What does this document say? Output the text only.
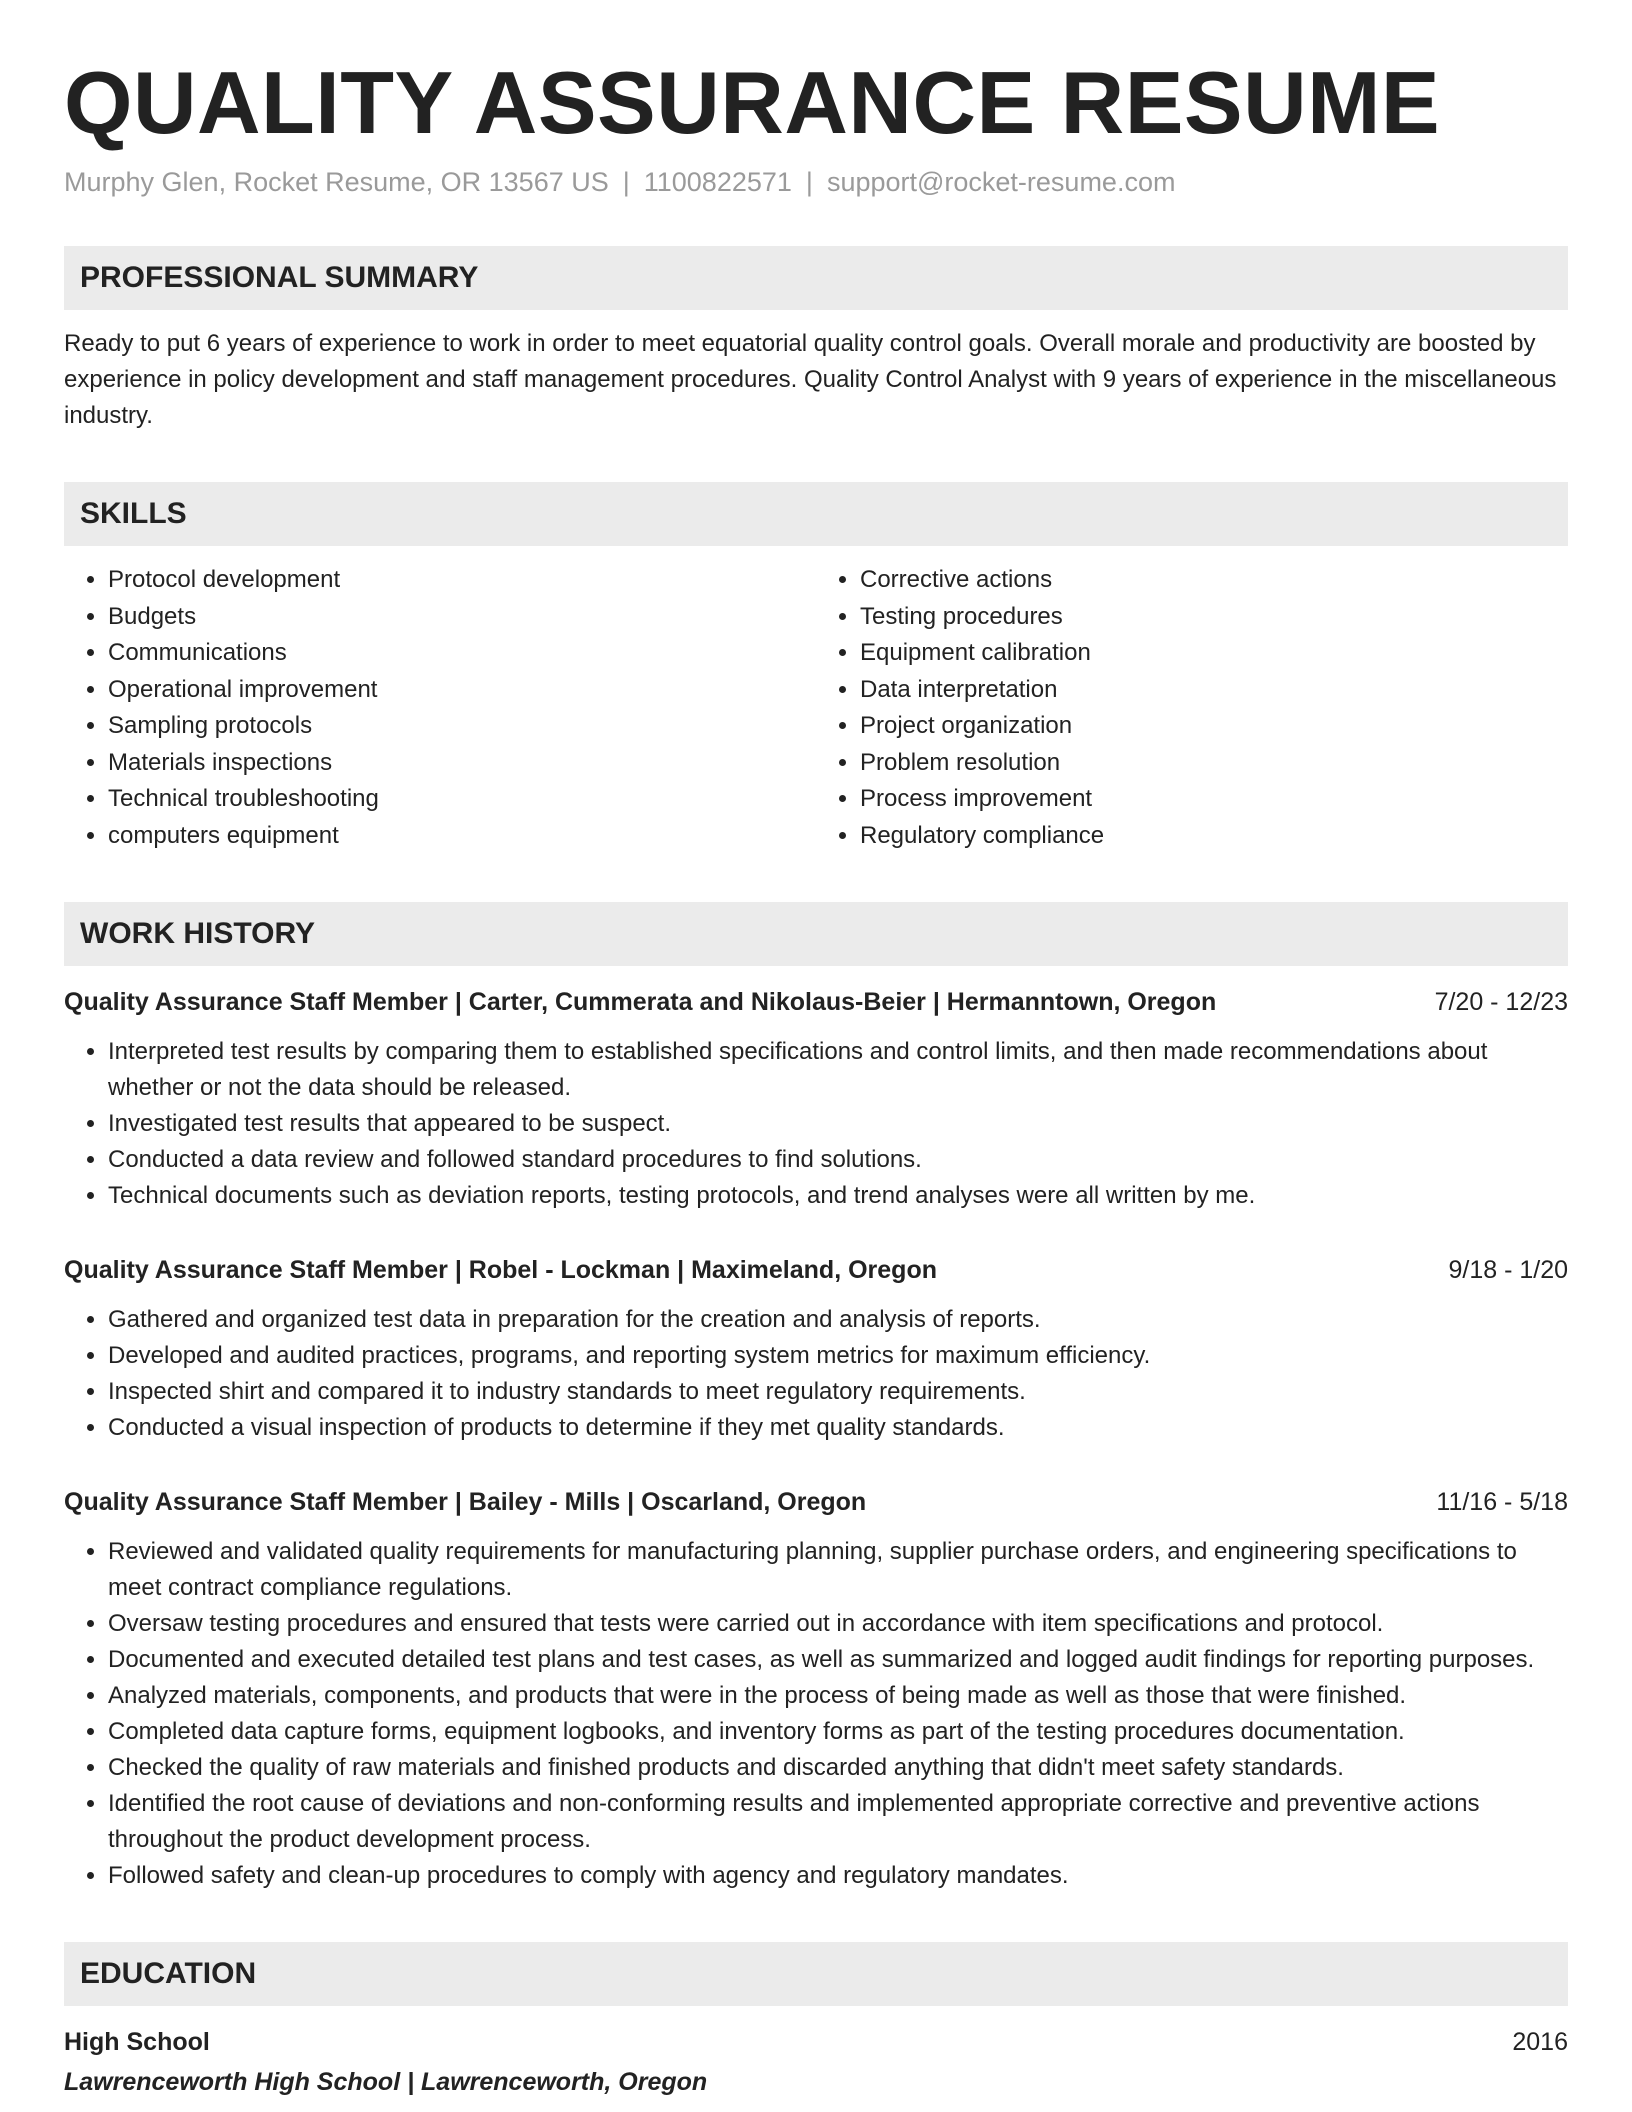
QUALITY ASSURANCE RESUME
Murphy Glen, Rocket Resume, OR 13567 US | 1100822571 | support@rocket-resume.com
PROFESSIONAL SUMMARY

Ready to put 6 years of experience to work in order to meet equatorial quality control goals. Overall morale and productivity are boosted by experience in policy development and staff management procedures. Quality Control Analyst with 9 years of experience in the miscellaneous industry.

SKILLS
• Protocol development
• Budgets
• Communications
• Operational improvement
• Sampling protocols
• Materials inspections
• Technical troubleshooting
• computers equipment
• Corrective actions
• Testing procedures
• Equipment calibration
• Data interpretation
• Project organization
• Problem resolution
• Process improvement
• Regulatory compliance
WORK HISTORY
Quality Assurance Staff Member | Carter, Cummerata and Nikolaus-Beier | Hermanntown, Oregon	7/20 - 12/23
• Interpreted test results by comparing them to established specifications and control limits, and then made recommendations about whether or not the data should be released.
• Investigated test results that appeared to be suspect.
• Conducted a data review and followed standard procedures to find solutions.
• Technical documents such as deviation reports, testing protocols, and trend analyses were all written by me.
Quality Assurance Staff Member | Robel - Lockman | Maximeland, Oregon	9/18 - 1/20
• Gathered and organized test data in preparation for the creation and analysis of reports.
• Developed and audited practices, programs, and reporting system metrics for maximum efficiency.
• Inspected shirt and compared it to industry standards to meet regulatory requirements.
• Conducted a visual inspection of products to determine if they met quality standards.
Quality Assurance Staff Member | Bailey - Mills | Oscarland, Oregon	11/16 - 5/18
• Reviewed and validated quality requirements for manufacturing planning, supplier purchase orders, and engineering specifications to meet contract compliance regulations.
• Oversaw testing procedures and ensured that tests were carried out in accordance with item specifications and protocol.
• Documented and executed detailed test plans and test cases, as well as summarized and logged audit findings for reporting purposes.
• Analyzed materials, components, and products that were in the process of being made as well as those that were finished.
• Completed data capture forms, equipment logbooks, and inventory forms as part of the testing procedures documentation.
• Checked the quality of raw materials and finished products and discarded anything that didn't meet safety standards.
• Identified the root cause of deviations and non-conforming results and implemented appropriate corrective and preventive actions throughout the product development process.
• Followed safety and clean-up procedures to comply with agency and regulatory mandates.
EDUCATION
High School	2016
Lawrenceworth High School | Lawrenceworth, Oregon
